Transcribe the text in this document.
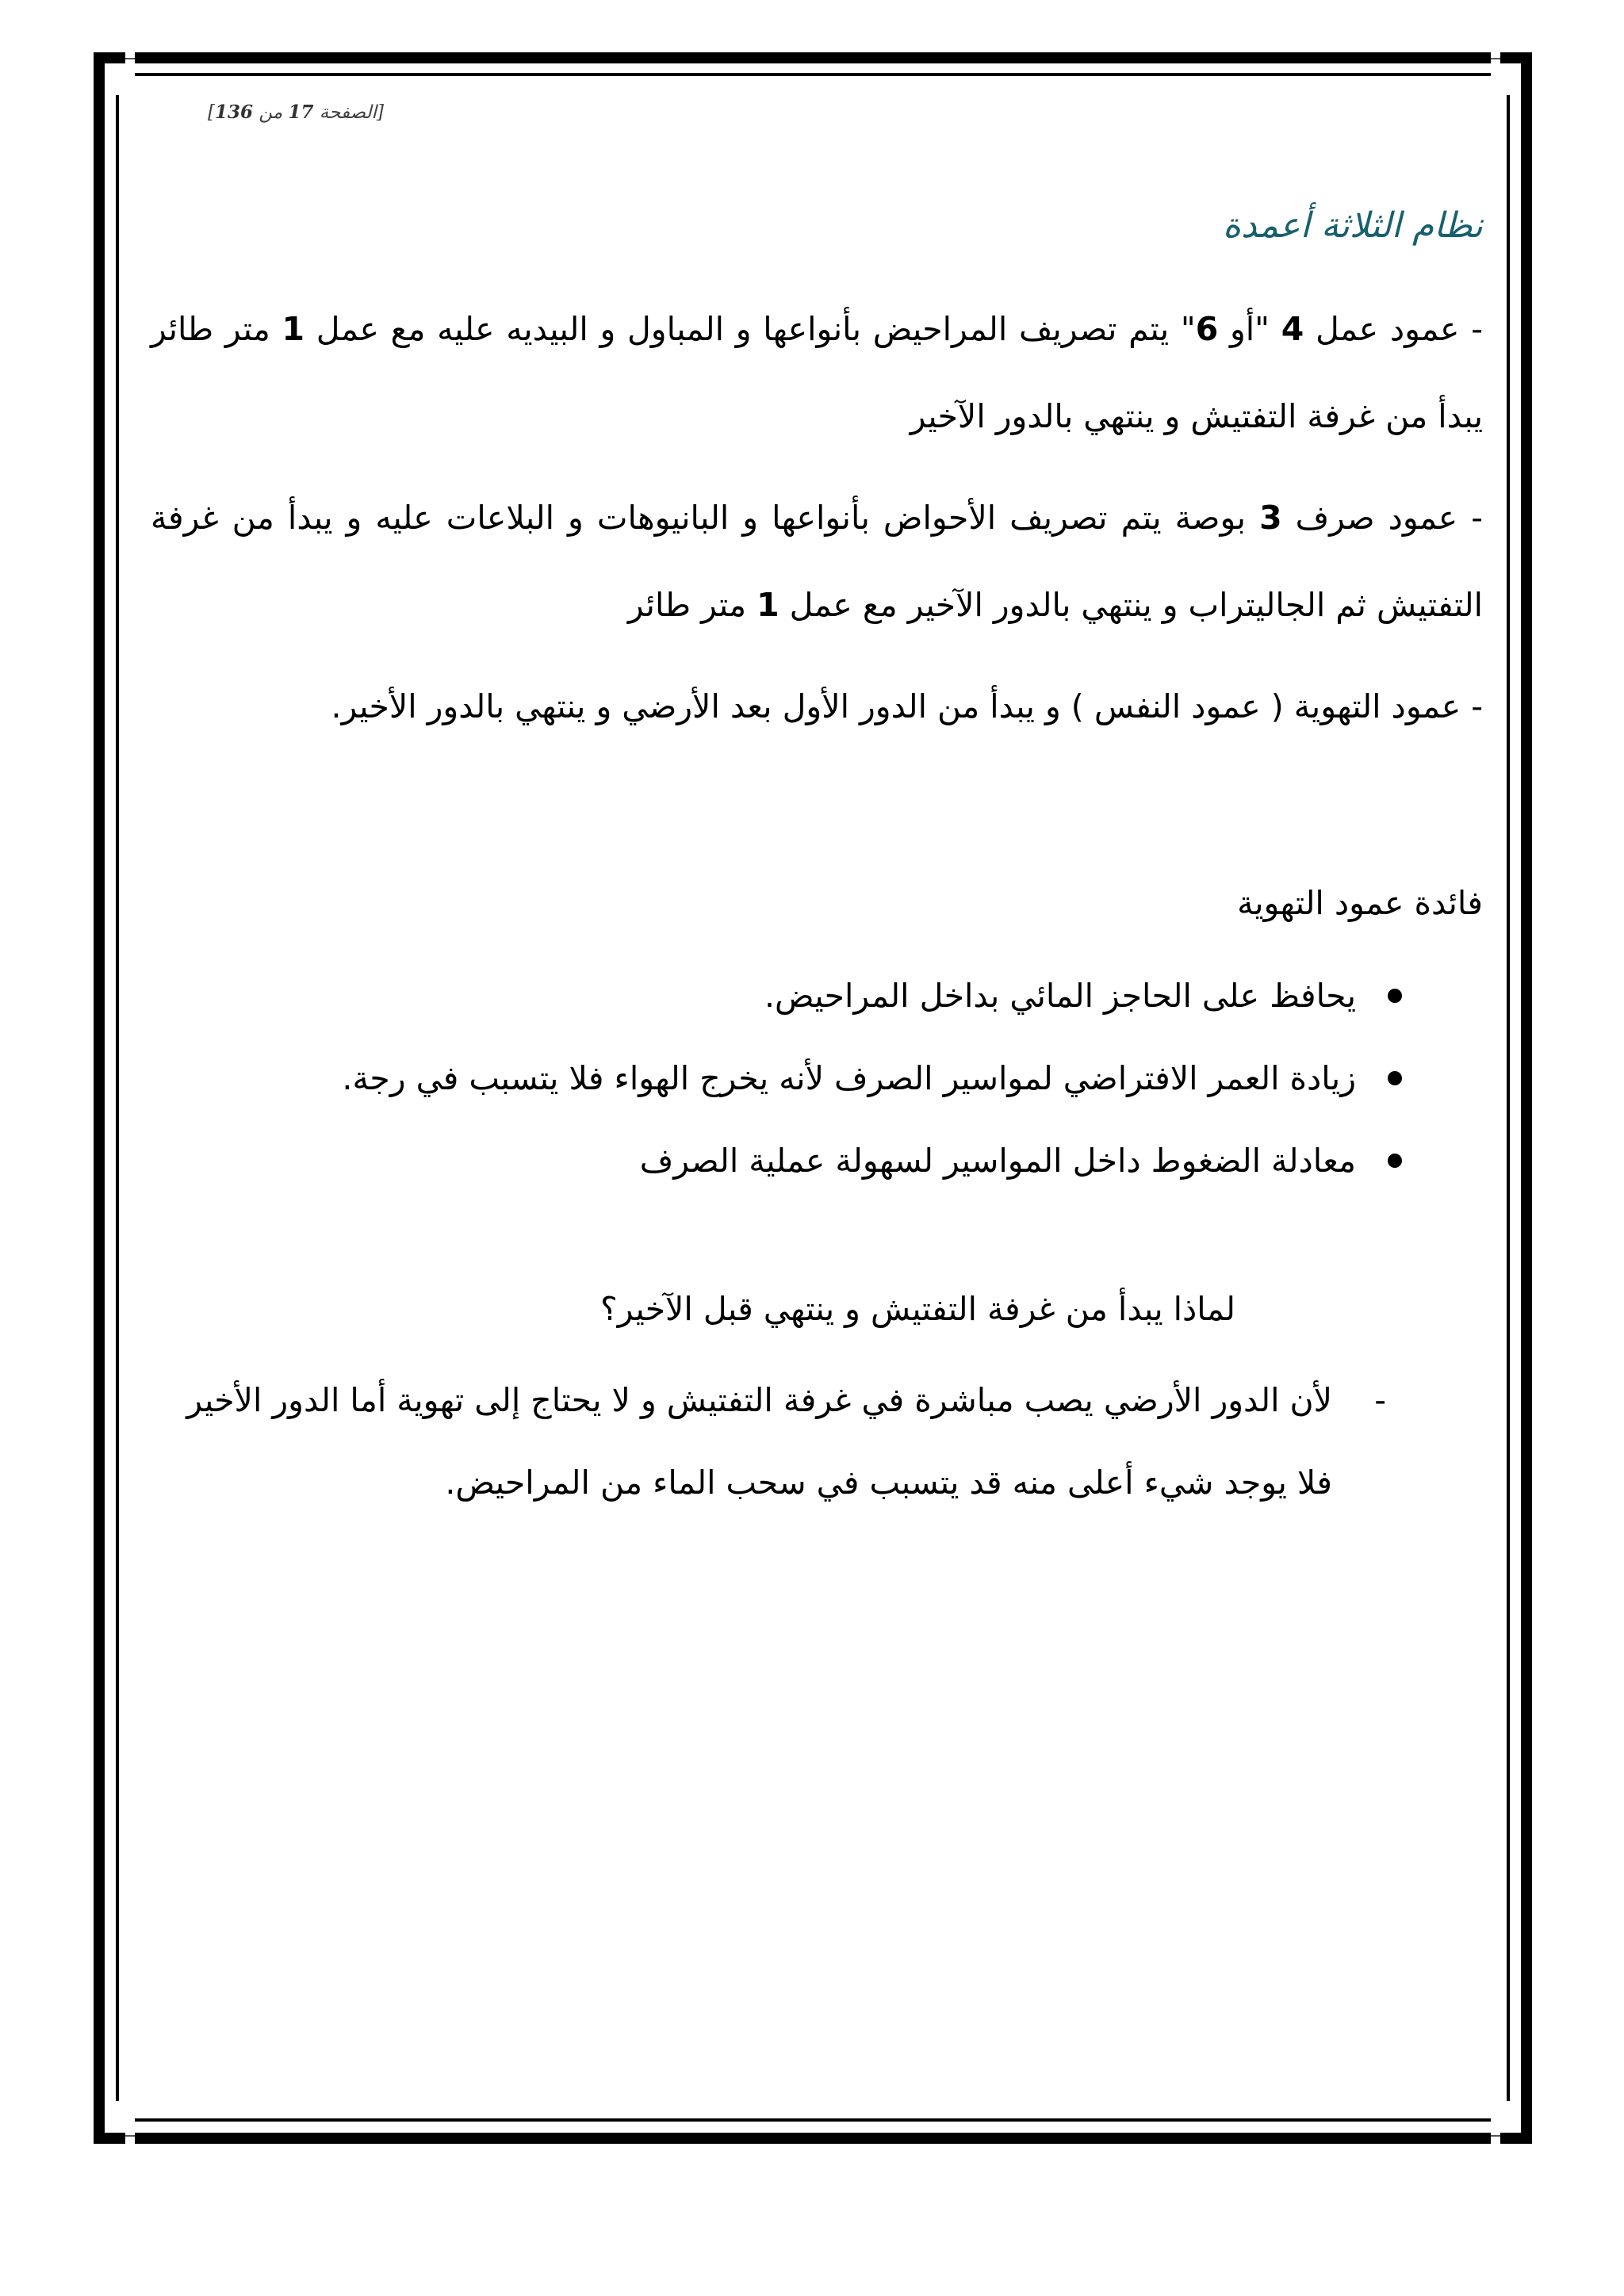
[الصفحة 17 من 136]
نظام الثلاثة أعمدة

- عمود عمل 4 "أو 6" يتم تصريف المراحيض بأنواعها و المباول و البيديه عليه مع عمل 1 متر طائر يبدأ من غرفة التفتيش و ينتهي بالدور الآخير

- عمود صرف 3 بوصة يتم تصريف الأحواض بأنواعها و البانيوهات و البلاعات عليه و يبدأ من غرفة التفتيش ثم الجاليتراب و ينتهي بالدور الآخير مع عمل 1 متر طائر

- عمود التهوية ( عمود النفس ) و يبدأ من الدور الأول بعد الأرضي و ينتهي بالدور الأخير.

فائدة عمود التهوية

يحافظ على الحاجز المائي بداخل المراحيض.
زيادة العمر الافتراضي لمواسير الصرف لأنه يخرج الهواء فلا يتسبب في رجة.
معادلة الضغوط داخل المواسير لسهولة عملية الصرف

لماذا يبدأ من غرفة التفتيش و ينتهي قبل الآخير؟

-
لأن الدور الأرضي يصب مباشرة في غرفة التفتيش و لا يحتاج إلى تهوية أما الدور الأخير فلا يوجد شيء أعلى منه قد يتسبب في سحب الماء من المراحيض.
